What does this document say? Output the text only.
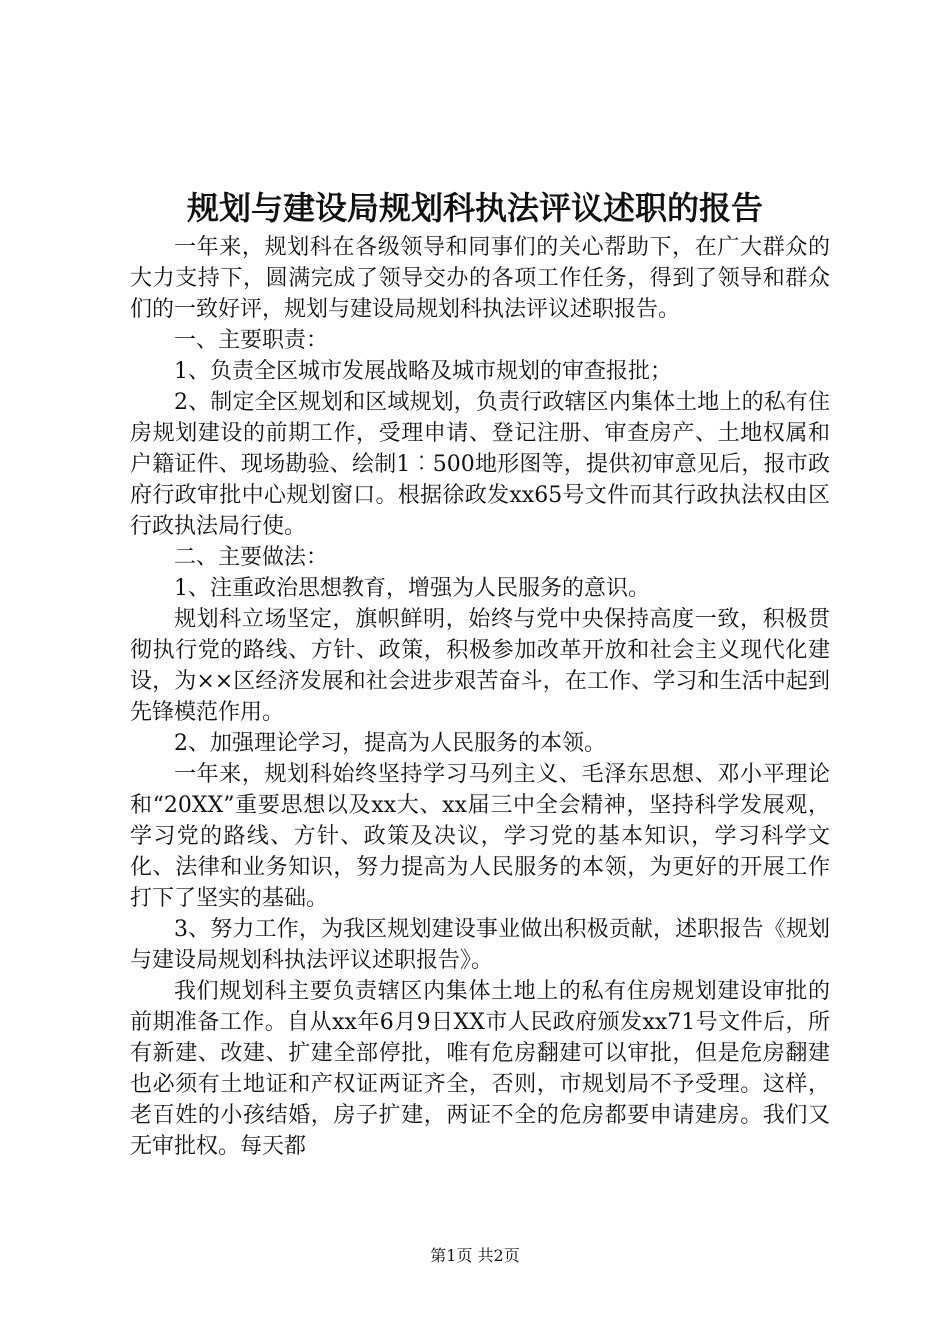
规划与建设局规划科执法评议述职的报告

一年来，规划科在各级领导和同事们的关心帮助下，在广大群众的大力支持下，圆满完成了领导交办的各项工作任务，得到了领导和群众们的一致好评，规划与建设局规划科执法评议述职报告。

一、主要职责：

1、负责全区城市发展战略及城市规划的审查报批；

2、制定全区规划和区域规划，负责行政辖区内集体土地上的私有住房规划建设的前期工作，受理申请、登记注册、审查房产、土地权属和户籍证件、现场勘验、绘制1︰500地形图等，提供初审意见后，报市政府行政审批中心规划窗口。根据徐政发xx65号文件而其行政执法权由区行政执法局行使。

二、主要做法：

1、注重政治思想教育，增强为人民服务的意识。

规划科立场坚定，旗帜鲜明，始终与党中央保持高度一致，积极贯彻执行党的路线、方针、政策，积极参加改革开放和社会主义现代化建设，为××区经济发展和社会进步艰苦奋斗，在工作、学习和生活中起到先锋模范作用。

2、加强理论学习，提高为人民服务的本领。

一年来，规划科始终坚持学习马列主义、毛泽东思想、邓小平理论和“20XX”重要思想以及xx大、xx届三中全会精神，坚持科学发展观，学习党的路线、方针、政策及决议，学习党的基本知识，学习科学文化、法律和业务知识，努力提高为人民服务的本领，为更好的开展工作打下了坚实的基础。

3、努力工作，为我区规划建设事业做出积极贡献，述职报告《规划与建设局规划科执法评议述职报告》。

我们规划科主要负责辖区内集体土地上的私有住房规划建设审批的前期准备工作。自从xx年6月9日XX市人民政府颁发xx71号文件后，所有新建、改建、扩建全部停批，唯有危房翻建可以审批，但是危房翻建也必须有土地证和产权证两证齐全，否则，市规划局不予受理。这样，老百姓的小孩结婚，房子扩建，两证不全的危房都要申请建房。我们又无审批权。每天都

第1页 共2页
